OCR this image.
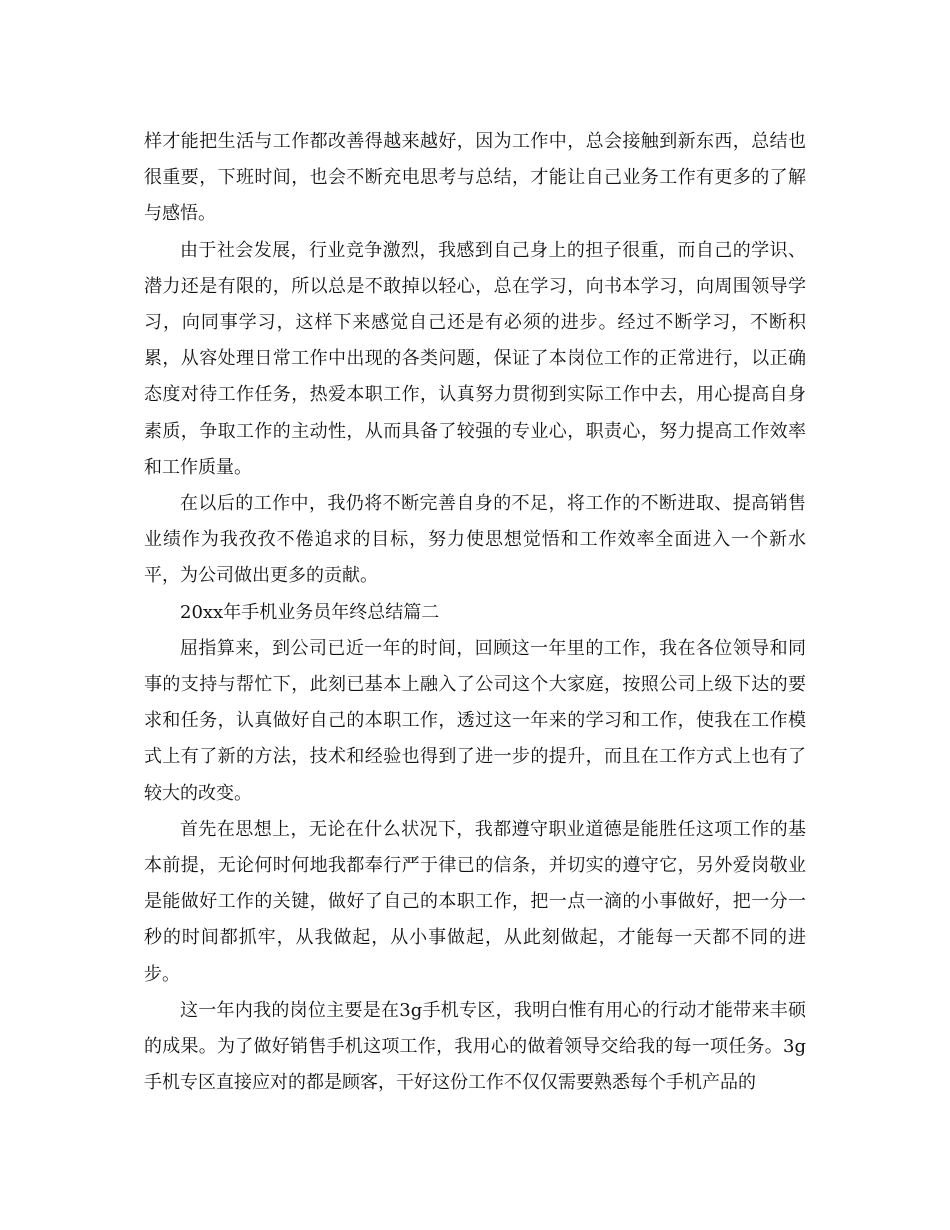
样才能把生活与工作都改善得越来越好，因为工作中，总会接触到新东西，总结也很重要，下班时间，也会不断充电思考与总结，才能让自己业务工作有更多的了解与感悟。

由于社会发展，行业竞争激烈，我感到自己身上的担子很重，而自己的学识、潜力还是有限的，所以总是不敢掉以轻心，总在学习，向书本学习，向周围领导学习，向同事学习，这样下来感觉自己还是有必须的进步。经过不断学习，不断积累，从容处理日常工作中出现的各类问题，保证了本岗位工作的正常进行，以正确态度对待工作任务，热爱本职工作，认真努力贯彻到实际工作中去，用心提高自身素质，争取工作的主动性，从而具备了较强的专业心，职责心，努力提高工作效率和工作质量。

在以后的工作中，我仍将不断完善自身的不足，将工作的不断进取、提高销售业绩作为我孜孜不倦追求的目标，努力使思想觉悟和工作效率全面进入一个新水平，为公司做出更多的贡献。

20xx年手机业务员年终总结篇二

屈指算来，到公司已近一年的时间，回顾这一年里的工作，我在各位领导和同事的支持与帮忙下，此刻已基本上融入了公司这个大家庭，按照公司上级下达的要求和任务，认真做好自己的本职工作，透过这一年来的学习和工作，使我在工作模式上有了新的方法，技术和经验也得到了进一步的提升，而且在工作方式上也有了较大的改变。

首先在思想上，无论在什么状况下，我都遵守职业道德是能胜任这项工作的基本前提，无论何时何地我都奉行严于律已的信条，并切实的遵守它，另外爱岗敬业是能做好工作的关键，做好了自己的本职工作，把一点一滴的小事做好，把一分一秒的时间都抓牢，从我做起，从小事做起，从此刻做起，才能每一天都不同的进步。

这一年内我的岗位主要是在3g手机专区，我明白惟有用心的行动才能带来丰硕的成果。为了做好销售手机这项工作，我用心的做着领导交给我的每一项任务。3g手机专区直接应对的都是顾客，干好这份工作不仅仅需要熟悉每个手机产品的
